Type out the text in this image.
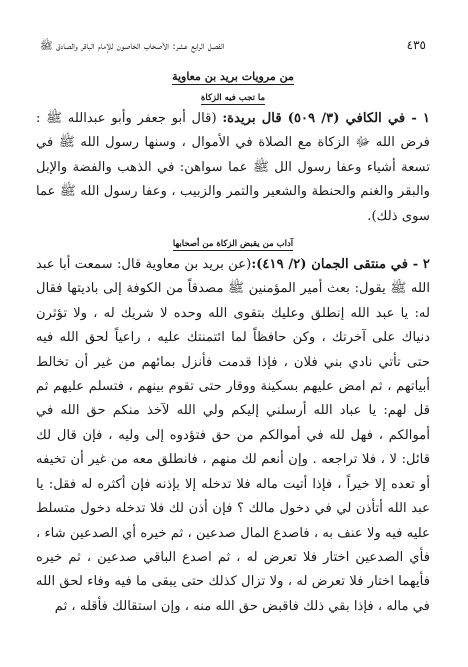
٤٣٥
الفصل الرابع عشر: الأصحاب الخاصون للإمام الباقر والصادق ﷺ
من مرويات بريد بن معاوية
ما تجب فيه الزكاة

١ - في الكافي (٣/ ٥٠٩) قال بريدة: (قال أبو جعفر وأبو عبدالله ﷺ : فرض الله ﷻ الزكاة مع الصلاة في الأموال ، وسنها رسول الله ﷺ في تسعة أشياء وعفا رسول الل ﷺ عما سواهن: في الذهب والفضة والإبل والبقر والغنم والحنطة والشعير والتمر والزبيب ، وعفا رسول الله ﷺ عما سوى ذلك).

آداب من يقبض الزكاة من أصحابها

٢ - في منتقى الجمان (٢/ ٤١٩):(عن بريد بن معاوية قال: سمعت أبا عبد الله ﷺ يقول: بعث أمير المؤمنين ﷺ مصدقاً من الكوفة إلى باديتها فقال له: يا عبد الله إنطلق وعليك بتقوى الله وحده لا شريك له ، ولا تؤثرن دنياك على آخرتك ، وكن حافظاً لما ائتمنتك عليه ، راعياً لحق الله فيه حتى تأتي نادي بني فلان ، فإذا قدمت فأنزل بمائهم من غير أن تخالط أبياتهم ، ثم امض عليهم بسكينة ووقار حتى تقوم بينهم ، فتسلم عليهم ثم قل لهم: يا عباد الله أرسلني إليكم ولي الله لآخذ منكم حق الله في أموالكم ، فهل لله في أموالكم من حق فتؤدوه إلى وليه ، فإن قال لك قائل: لا ، فلا تراجعه . وإن أنعم لك منهم ، فانطلق معه من غير أن تخيفه أو تعده إلا خيراً ، فإذا أتيت ماله فلا تدخله إلا بإذنه فإن أكثره له فقل: يا عبد الله أتأذن لي في دخول مالك ؟ فإن أذن لك فلا تدخله دخول متسلط عليه فيه ولا عنف به ، فاصدع المال صدعين ، ثم خيره أي الصدعين شاء ، فأي الصدعين اختار فلا تعرض له ، ثم اصدع الباقي صدعين ، ثم خيره فأيهما اختار فلا تعرض له ، ولا تزال كذلك حتى يبقى ما فيه وفاء لحق الله في ماله ، فإذا بقي ذلك فاقبض حق الله منه ، وإن استقالك فأقله ، ثم
